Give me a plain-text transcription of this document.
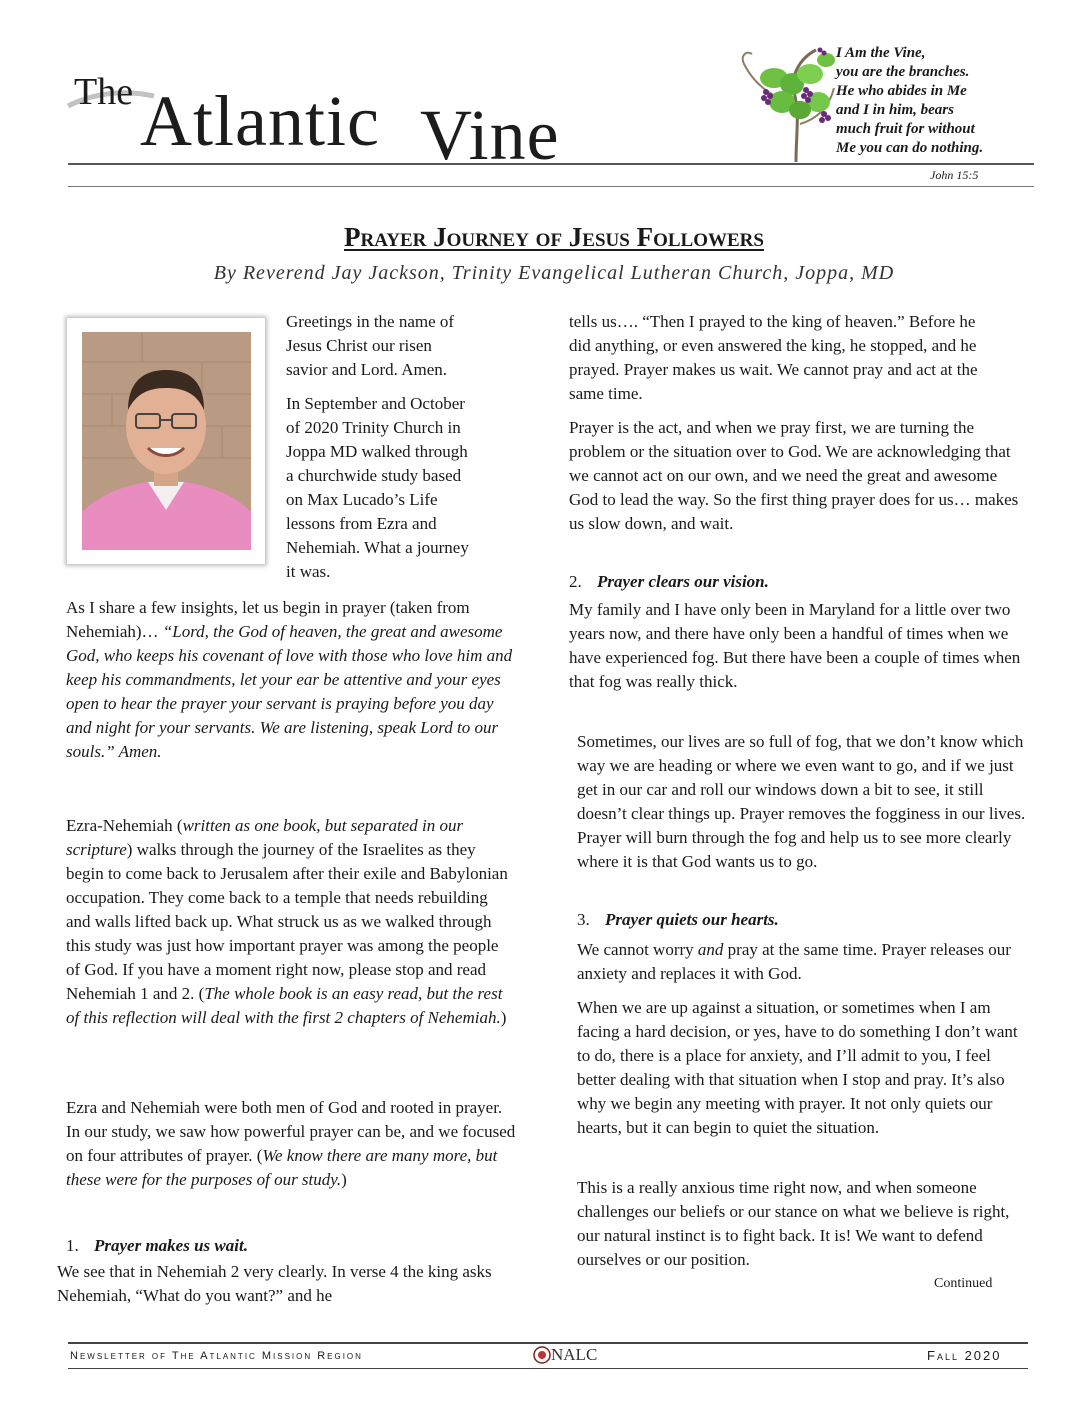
The Atlantic Vine
I Am the Vine,
you are the branches.
He who abides in Me
and I in him, bears
much fruit for without
Me you can do nothing.
John 15:5
Prayer Journey of Jesus Followers
By Reverend Jay Jackson, Trinity Evangelical Lutheran Church, Joppa, MD
Greetings in the name of
Jesus Christ our risen
savior and Lord. Amen.
In September and October
of 2020 Trinity Church in
Joppa MD walked through
a churchwide study based
on Max Lucado’s Life
lessons from Ezra and
Nehemiah. What a journey
it was.

As I share a few insights, let us begin in prayer (taken from Nehemiah)… “Lord, the God of heaven, the great and awesome God, who keeps his covenant of love with those who love him and keep his commandments, let your ear be attentive and your eyes open to hear the prayer your servant is praying before you day and night for your servants. We are listening, speak Lord to our souls.” Amen.

Ezra-Nehemiah (written as one book, but separated in our scripture) walks through the journey of the Israelites as they begin to come back to Jerusalem after their exile and Babylonian occupation. They come back to a temple that needs rebuilding and walls lifted back up. What struck us as we walked through this study was just how important prayer was among the people of God. If you have a moment right now, please stop and read Nehemiah 1 and 2. (The whole book is an easy read, but the rest of this reflection will deal with the first 2 chapters of Nehemiah.)

Ezra and Nehemiah were both men of God and rooted in prayer. In our study, we saw how powerful prayer can be, and we focused on four attributes of prayer. (We know there are many more, but these were for the purposes of our study.)

1. Prayer makes us wait.

We see that in Nehemiah 2 very clearly. In verse 4 the king asks Nehemiah, “What do you want?” and he

tells us…. “Then I prayed to the king of heaven.” Before he did anything, or even answered the king, he stopped, and he prayed. Prayer makes us wait. We cannot pray and act at the same time.

Prayer is the act, and when we pray first, we are turning the problem or the situation over to God. We are acknowledging that we cannot act on our own, and we need the great and awesome God to lead the way. So the first thing prayer does for us… makes us slow down, and wait.

2. Prayer clears our vision.

My family and I have only been in Maryland for a little over two years now, and there have only been a handful of times when we have experienced fog. But there have been a couple of times when that fog was really thick.

Sometimes, our lives are so full of fog, that we don’t know which way we are heading or where we even want to go, and if we just get in our car and roll our windows down a bit to see, it still doesn’t clear things up. Prayer removes the fogginess in our lives. Prayer will burn through the fog and help us to see more clearly where it is that God wants us to go.

3. Prayer quiets our hearts.

We cannot worry and pray at the same time. Prayer releases our anxiety and replaces it with God.

When we are up against a situation, or sometimes when I am facing a hard decision, or yes, have to do something I don’t want to do, there is a place for anxiety, and I’ll admit to you, I feel better dealing with that situation when I stop and pray. It’s also why we begin any meeting with prayer. It not only quiets our hearts, but it can begin to quiet the situation.

This is a really anxious time right now, and when someone challenges our beliefs or our stance on what we believe is right, our natural instinct is to fight back. It is! We want to defend ourselves or our position.

Continued
Newsletter of The Atlantic Mission Region	NALC	Fall 2020
